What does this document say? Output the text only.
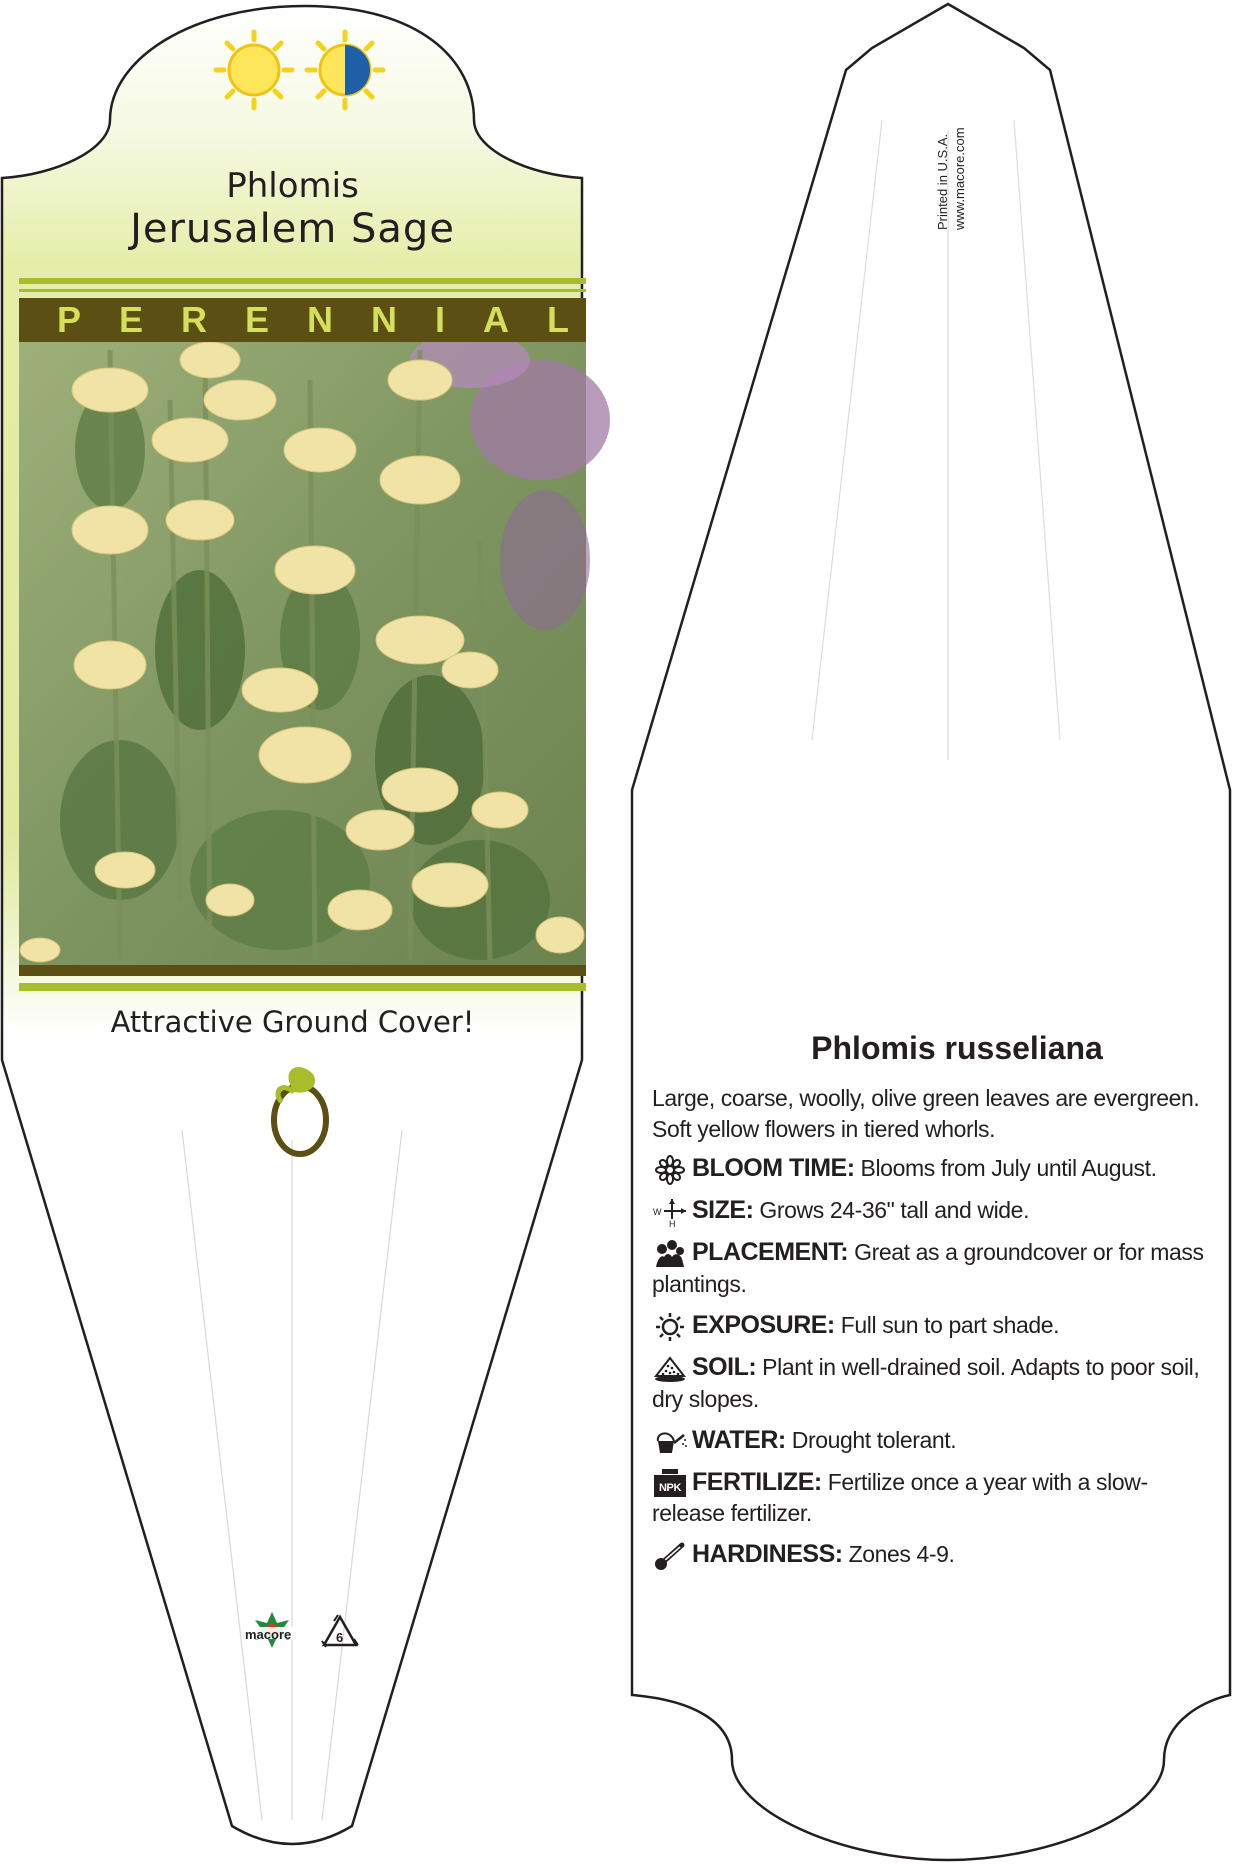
Phlomis
Jerusalem Sage
PERENNIAL
Attractive Ground Cover!
macore	6
Printed in U.S.A. www.macore.com
Phlomis russeliana
Large, coarse, woolly, olive green leaves are evergreen. Soft yellow flowers in tiered whorls.
BLOOM TIME: Blooms from July until August.
W
H SIZE: Grows 24-36" tall and wide.
PLACEMENT: Great as a groundcover or for mass plantings.
EXPOSURE: Full sun to part shade.
SOIL: Plant in well-drained soil. Adapts to poor soil, dry slopes.
WATER: Drought tolerant.
NPK FERTILIZE: Fertilize once a year with a slow-release fertilizer.
HARDINESS: Zones 4-9.
